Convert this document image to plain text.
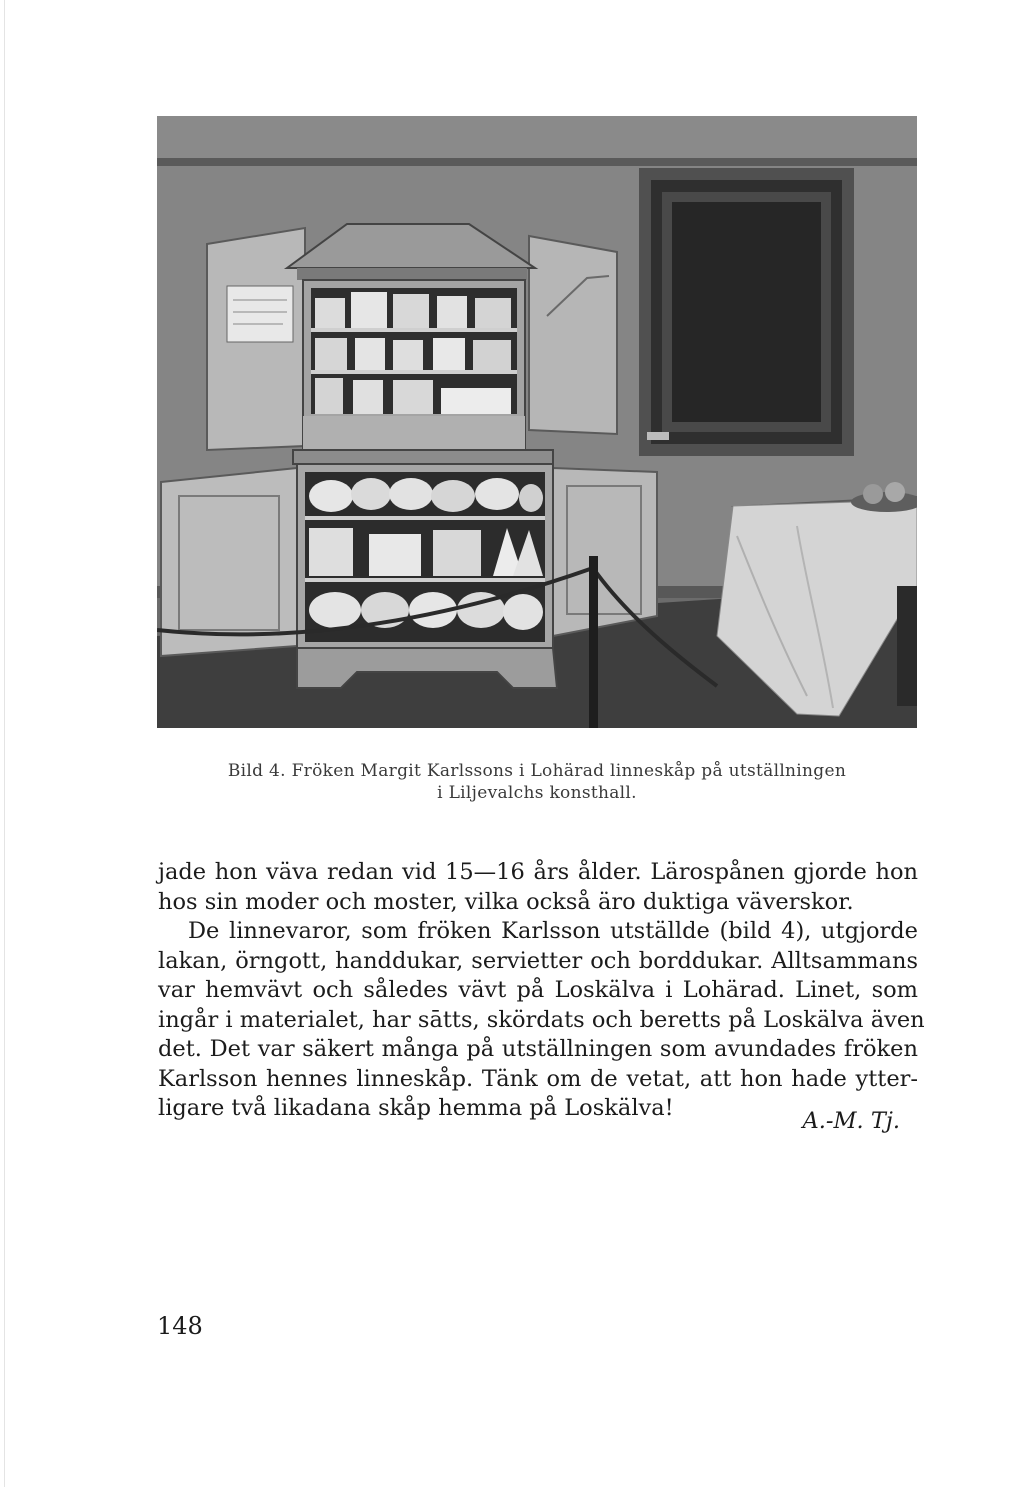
Bild 4. Fröken Margit Karlssons i Lohärad linneskåp på utställningen
i Liljevalchs konsthall.
jade hon väva redan vid 15—16 års ålder. Lärospånen gjorde hon
hos sin moder och moster, vilka också äro duktiga väverskor.
De linnevaror, som fröken Karlsson utställde (bild 4), utgjorde
lakan, örngott, handdukar, servietter och borddukar. Alltsammans
var hemvävt och således vävt på Loskälva i Lohärad. Linet, som
ingår i materialet, har sātts, skördats och beretts på Loskälva även
det. Det var säkert många på utställningen som avundades fröken
Karlsson hennes linneskåp. Tänk om de vetat, att hon hade ytter-
ligare två likadana skåp hemma på Loskälva!	A.-M. Tj.
148
